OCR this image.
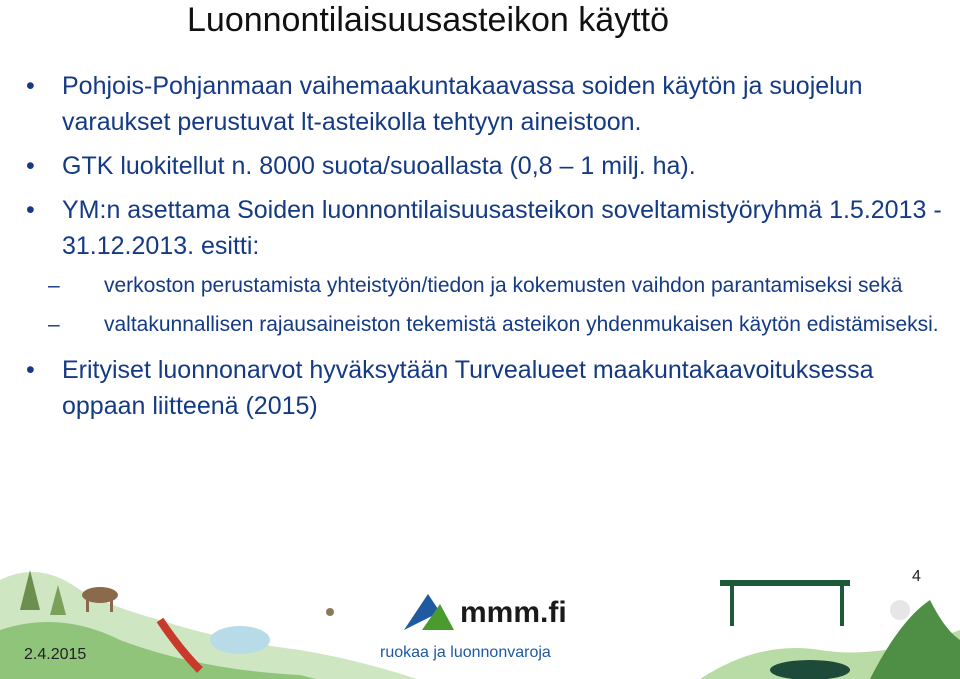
Luonnontilaisuusasteikon käyttö
• Pohjois-Pohjanmaan vaihemaakuntakaavassa soiden käytön ja suojelun varaukset perustuvat lt-asteikolla tehtyyn aineistoon.
• GTK luokitellut n. 8000 suota/suoallasta (0,8 – 1 milj. ha).
• YM:n asettama Soiden luonnontilaisuusasteikon soveltamistyöryhmä 1.5.2013 - 31.12.2013. esitti:
– verkoston perustamista yhteistyön/tiedon ja kokemusten vaihdon parantamiseksi sekä
– valtakunnallisen rajausaineiston tekemistä asteikon yhdenmukaisen käytön edistämiseksi.
• Erityiset luonnonarvot hyväksytään Turvealueet maakuntakaavoituksessa oppaan liitteenä (2015)
mmm.fi
ruokaa ja luonnonvaroja
4
2.4.2015
